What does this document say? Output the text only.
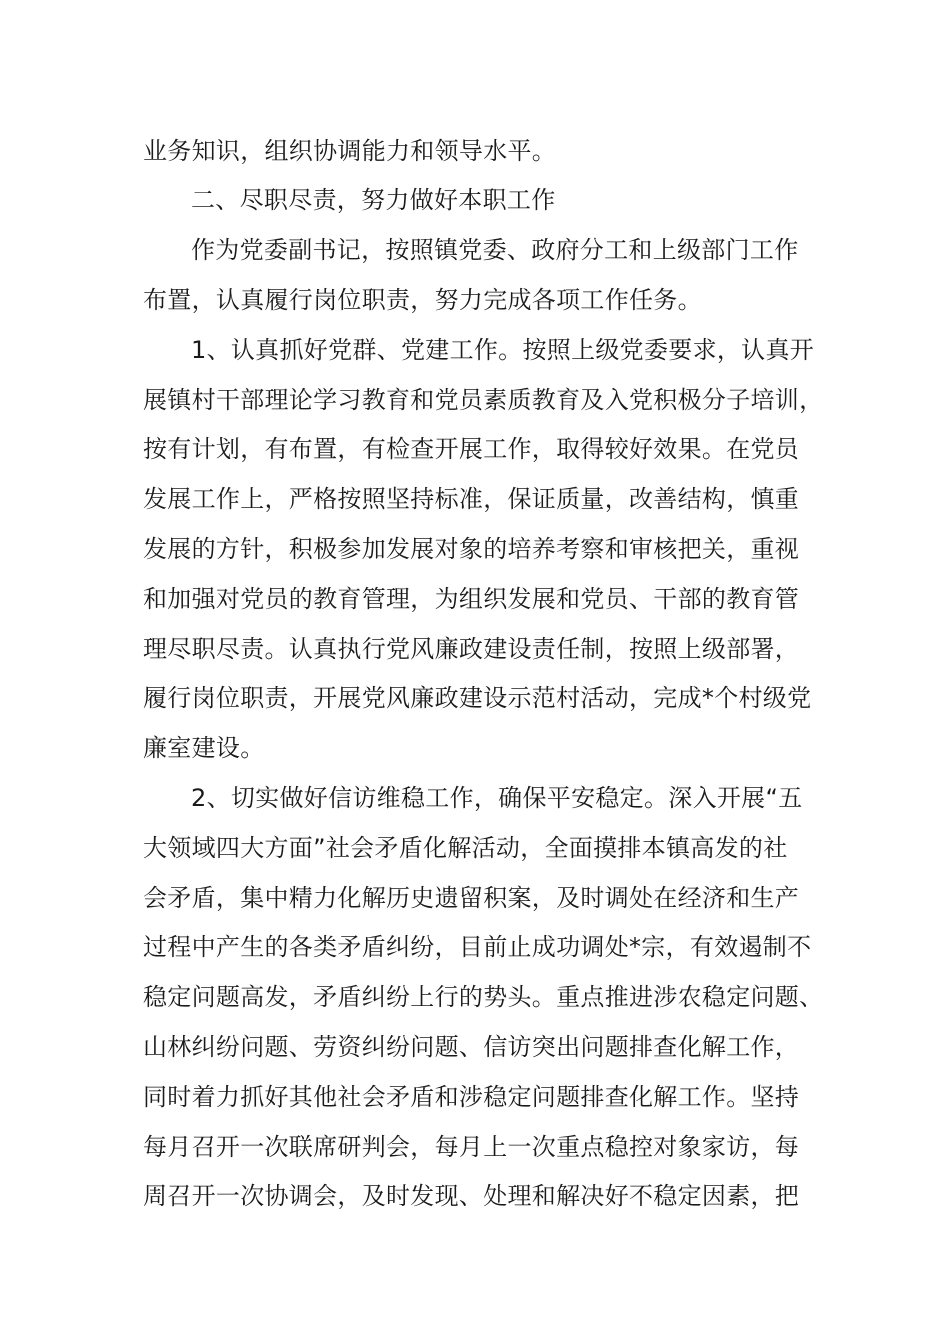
业务知识，组织协调能力和领导水平。
二、尽职尽责，努力做好本职工作
作为党委副书记，按照镇党委、政府分工和上级部门工作
布置，认真履行岗位职责，努力完成各项工作任务。
1、认真抓好党群、党建工作。按照上级党委要求，认真开
展镇村干部理论学习教育和党员素质教育及入党积极分子培训，
按有计划，有布置，有检查开展工作，取得较好效果。在党员
发展工作上，严格按照坚持标准，保证质量，改善结构，慎重
发展的方针，积极参加发展对象的培养考察和审核把关，重视
和加强对党员的教育管理，为组织发展和党员、干部的教育管
理尽职尽责。认真执行党风廉政建设责任制，按照上级部署，
履行岗位职责，开展党风廉政建设示范村活动，完成*个村级党
廉室建设。
2、切实做好信访维稳工作，确保平安稳定。深入开展“五
大领域四大方面”社会矛盾化解活动，全面摸排本镇高发的社
会矛盾，集中精力化解历史遗留积案，及时调处在经济和生产
过程中产生的各类矛盾纠纷，目前止成功调处*宗，有效遏制不
稳定问题高发，矛盾纠纷上行的势头。重点推进涉农稳定问题、
山林纠纷问题、劳资纠纷问题、信访突出问题排查化解工作，
同时着力抓好其他社会矛盾和涉稳定问题排查化解工作。坚持
每月召开一次联席研判会，每月上一次重点稳控对象家访，每
周召开一次协调会，及时发现、处理和解决好不稳定因素，把
